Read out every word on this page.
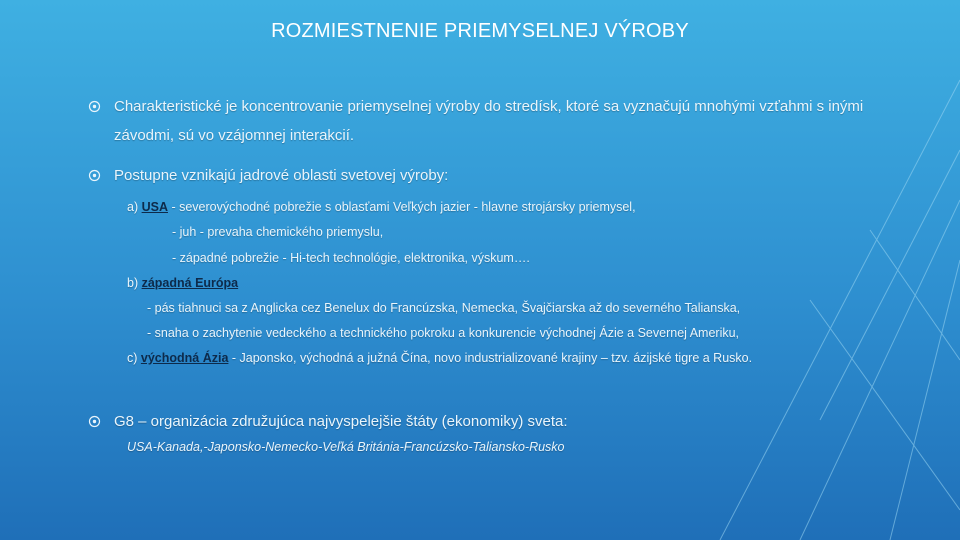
ROZMIESTNENIE PRIEMYSELNEJ VÝROBY
Charakteristické je koncentrovanie priemyselnej výroby do stredísk, ktoré sa vyznačujú mnohými vzťahmi s inými závodmi, sú vo vzájomnej interakcií.
Postupne vznikajú jadrové oblasti svetovej výroby:
a) USA - severovýchodné pobrežie s oblasťami Veľkých jazier - hlavne strojársky priemysel,
- juh - prevaha chemického priemyslu,
- západné pobrežie - Hi-tech technológie, elektronika, výskum….
b) západná Európa
- pás tiahnuci sa z Anglicka cez Benelux do Francúzska, Nemecka, Švajčiarska až do severného Talianska,
- snaha o zachytenie vedeckého a technického pokroku a konkurencie východnej Ázie a Severnej Ameriku,
c) východná Ázia - Japonsko, východná a južná Čína, novo industrializované krajiny – tzv. ázijské tigre a Rusko.
G8 – organizácia združujúca najvyspelejšie štáty (ekonomiky) sveta:
USA-Kanada,-Japonsko-Nemecko-Veľká Británia-Francúzsko-Taliansko-Rusko
